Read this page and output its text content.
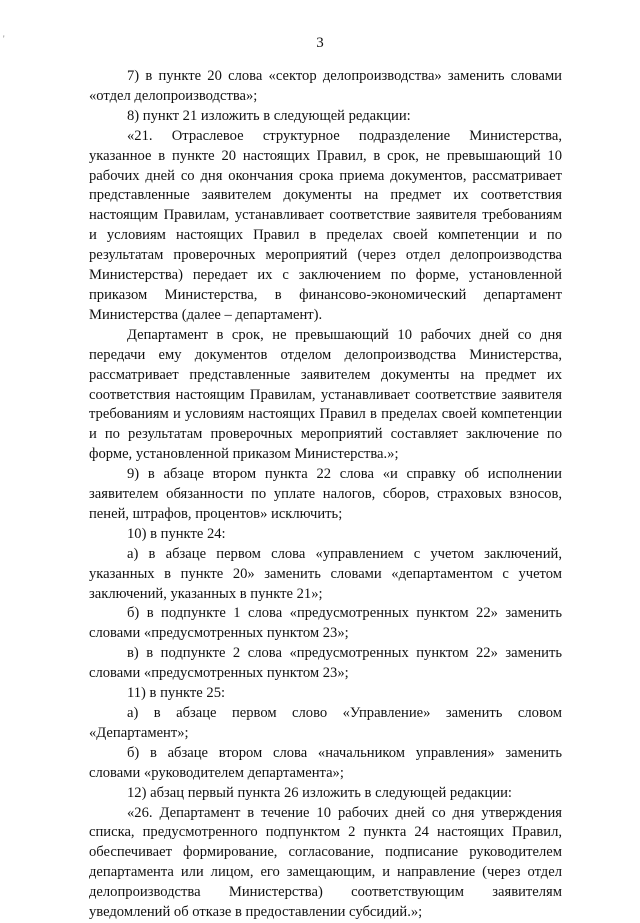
'	3

7) в пункте 20 слова «сектор делопроизводства» заменить словами «отдел делопроизводства»;

8) пункт 21 изложить в следующей редакции:

«21. Отраслевое структурное подразделение Министерства, указанное в пункте 20 настоящих Правил, в срок, не превышающий 10 рабочих дней со дня окончания срока приема документов, рассматривает представленные заявителем документы на предмет их соответствия настоящим Правилам, устанавливает соответствие заявителя требованиям и условиям настоящих Правил в пределах своей компетенции и по результатам проверочных мероприятий (через отдел делопроизводства Министерства) передает их с заключением по форме, установленной приказом Министерства, в финансово-экономический департамент Министерства (далее – департамент).

Департамент в срок, не превышающий 10 рабочих дней со дня передачи ему документов отделом делопроизводства Министерства, рассматривает представленные заявителем документы на предмет их соответствия настоящим Правилам, устанавливает соответствие заявителя требованиям и условиям настоящих Правил в пределах своей компетенции и по результатам проверочных мероприятий составляет заключение по форме, установленной приказом Министерства.»;

9) в абзаце втором пункта 22 слова «и справку об исполнении заявителем обязанности по уплате налогов, сборов, страховых взносов, пеней, штрафов, процентов» исключить;

10) в пункте 24:

а) в абзаце первом слова «управлением с учетом заключений, указанных в пункте 20» заменить словами «департаментом с учетом заключений, указанных в пункте 21»;

б) в подпункте 1 слова «предусмотренных пунктом 22» заменить словами «предусмотренных пунктом 23»;

в) в подпункте 2 слова «предусмотренных пунктом 22» заменить словами «предусмотренных пунктом 23»;

11) в пункте 25:

а) в абзаце первом слово «Управление» заменить словом «Департамент»;

б) в абзаце втором слова «начальником управления» заменить словами «руководителем департамента»;

12) абзац первый пункта 26 изложить в следующей редакции:

«26. Департамент в течение 10 рабочих дней со дня утверждения списка, предусмотренного подпунктом 2 пункта 24 настоящих Правил, обеспечивает формирование, согласование, подписание руководителем департамента или лицом, его замещающим, и направление (через отдел делопроизводства Министерства) соответствующим заявителям уведомлений об отказе в предоставлении субсидий.»;
